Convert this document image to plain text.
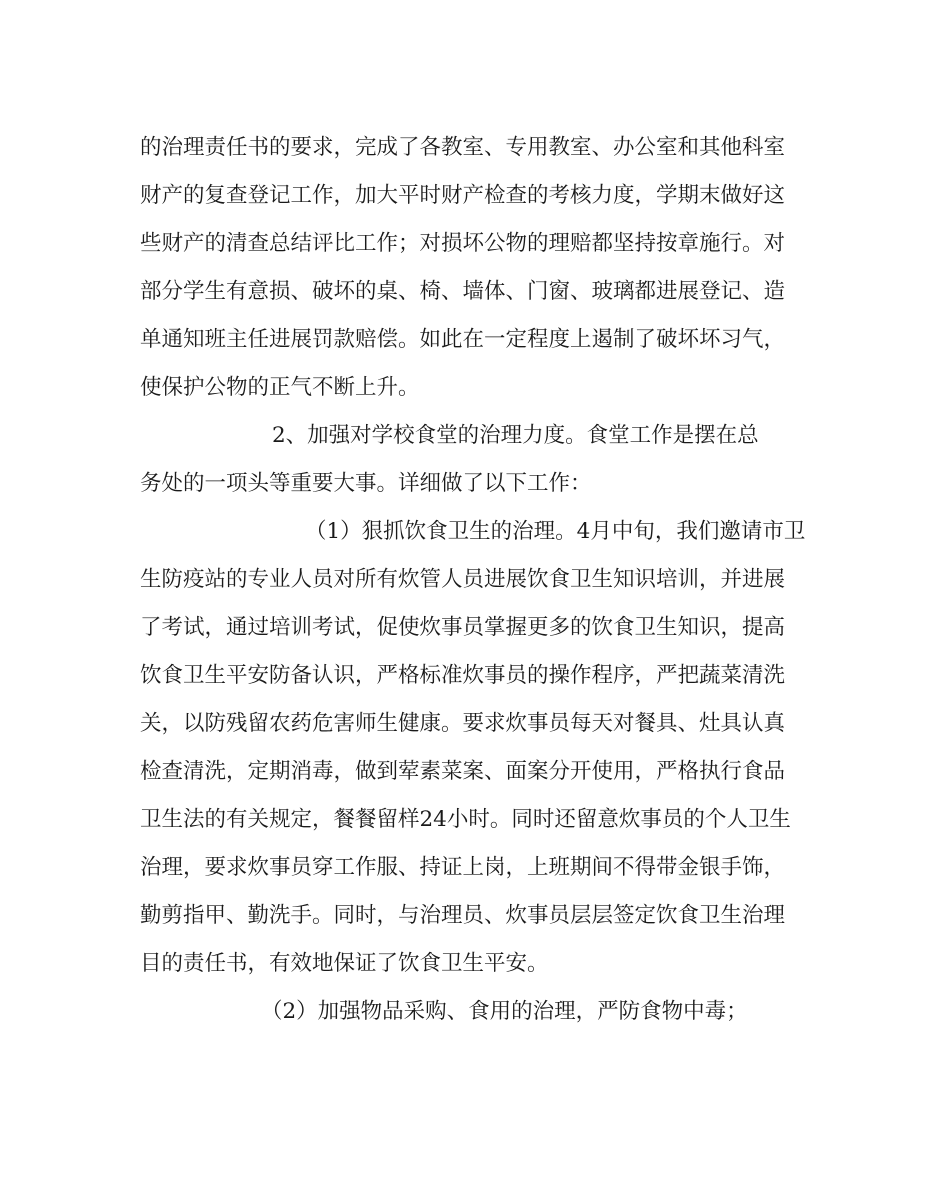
的治理责任书的要求，完成了各教室、专用教室、办公室和其他科室
财产的复查登记工作，加大平时财产检查的考核力度，学期末做好这
些财产的清查总结评比工作；对损坏公物的理赔都坚持按章施行。对
部分学生有意损、破坏的桌、椅、墙体、门窗、玻璃都进展登记、造
单通知班主任进展罚款赔偿。如此在一定程度上遏制了破坏坏习气，
使保护公物的正气不断上升。
2、加强对学校食堂的治理力度。食堂工作是摆在总
务处的一项头等重要大事。详细做了以下工作：
（1）狠抓饮食卫生的治理。4月中旬，我们邀请市卫
生防疫站的专业人员对所有炊管人员进展饮食卫生知识培训，并进展
了考试，通过培训考试，促使炊事员掌握更多的饮食卫生知识，提高
饮食卫生平安防备认识，严格标准炊事员的操作程序，严把蔬菜清洗
关，以防残留农药危害师生健康。要求炊事员每天对餐具、灶具认真
检查清洗，定期消毒，做到荤素菜案、面案分开使用，严格执行食品
卫生法的有关规定，餐餐留样24小时。同时还留意炊事员的个人卫生
治理，要求炊事员穿工作服、持证上岗，上班期间不得带金银手饰，
勤剪指甲、勤洗手。同时，与治理员、炊事员层层签定饮食卫生治理
目的责任书，有效地保证了饮食卫生平安。
（2）加强物品采购、食用的治理，严防食物中毒；
